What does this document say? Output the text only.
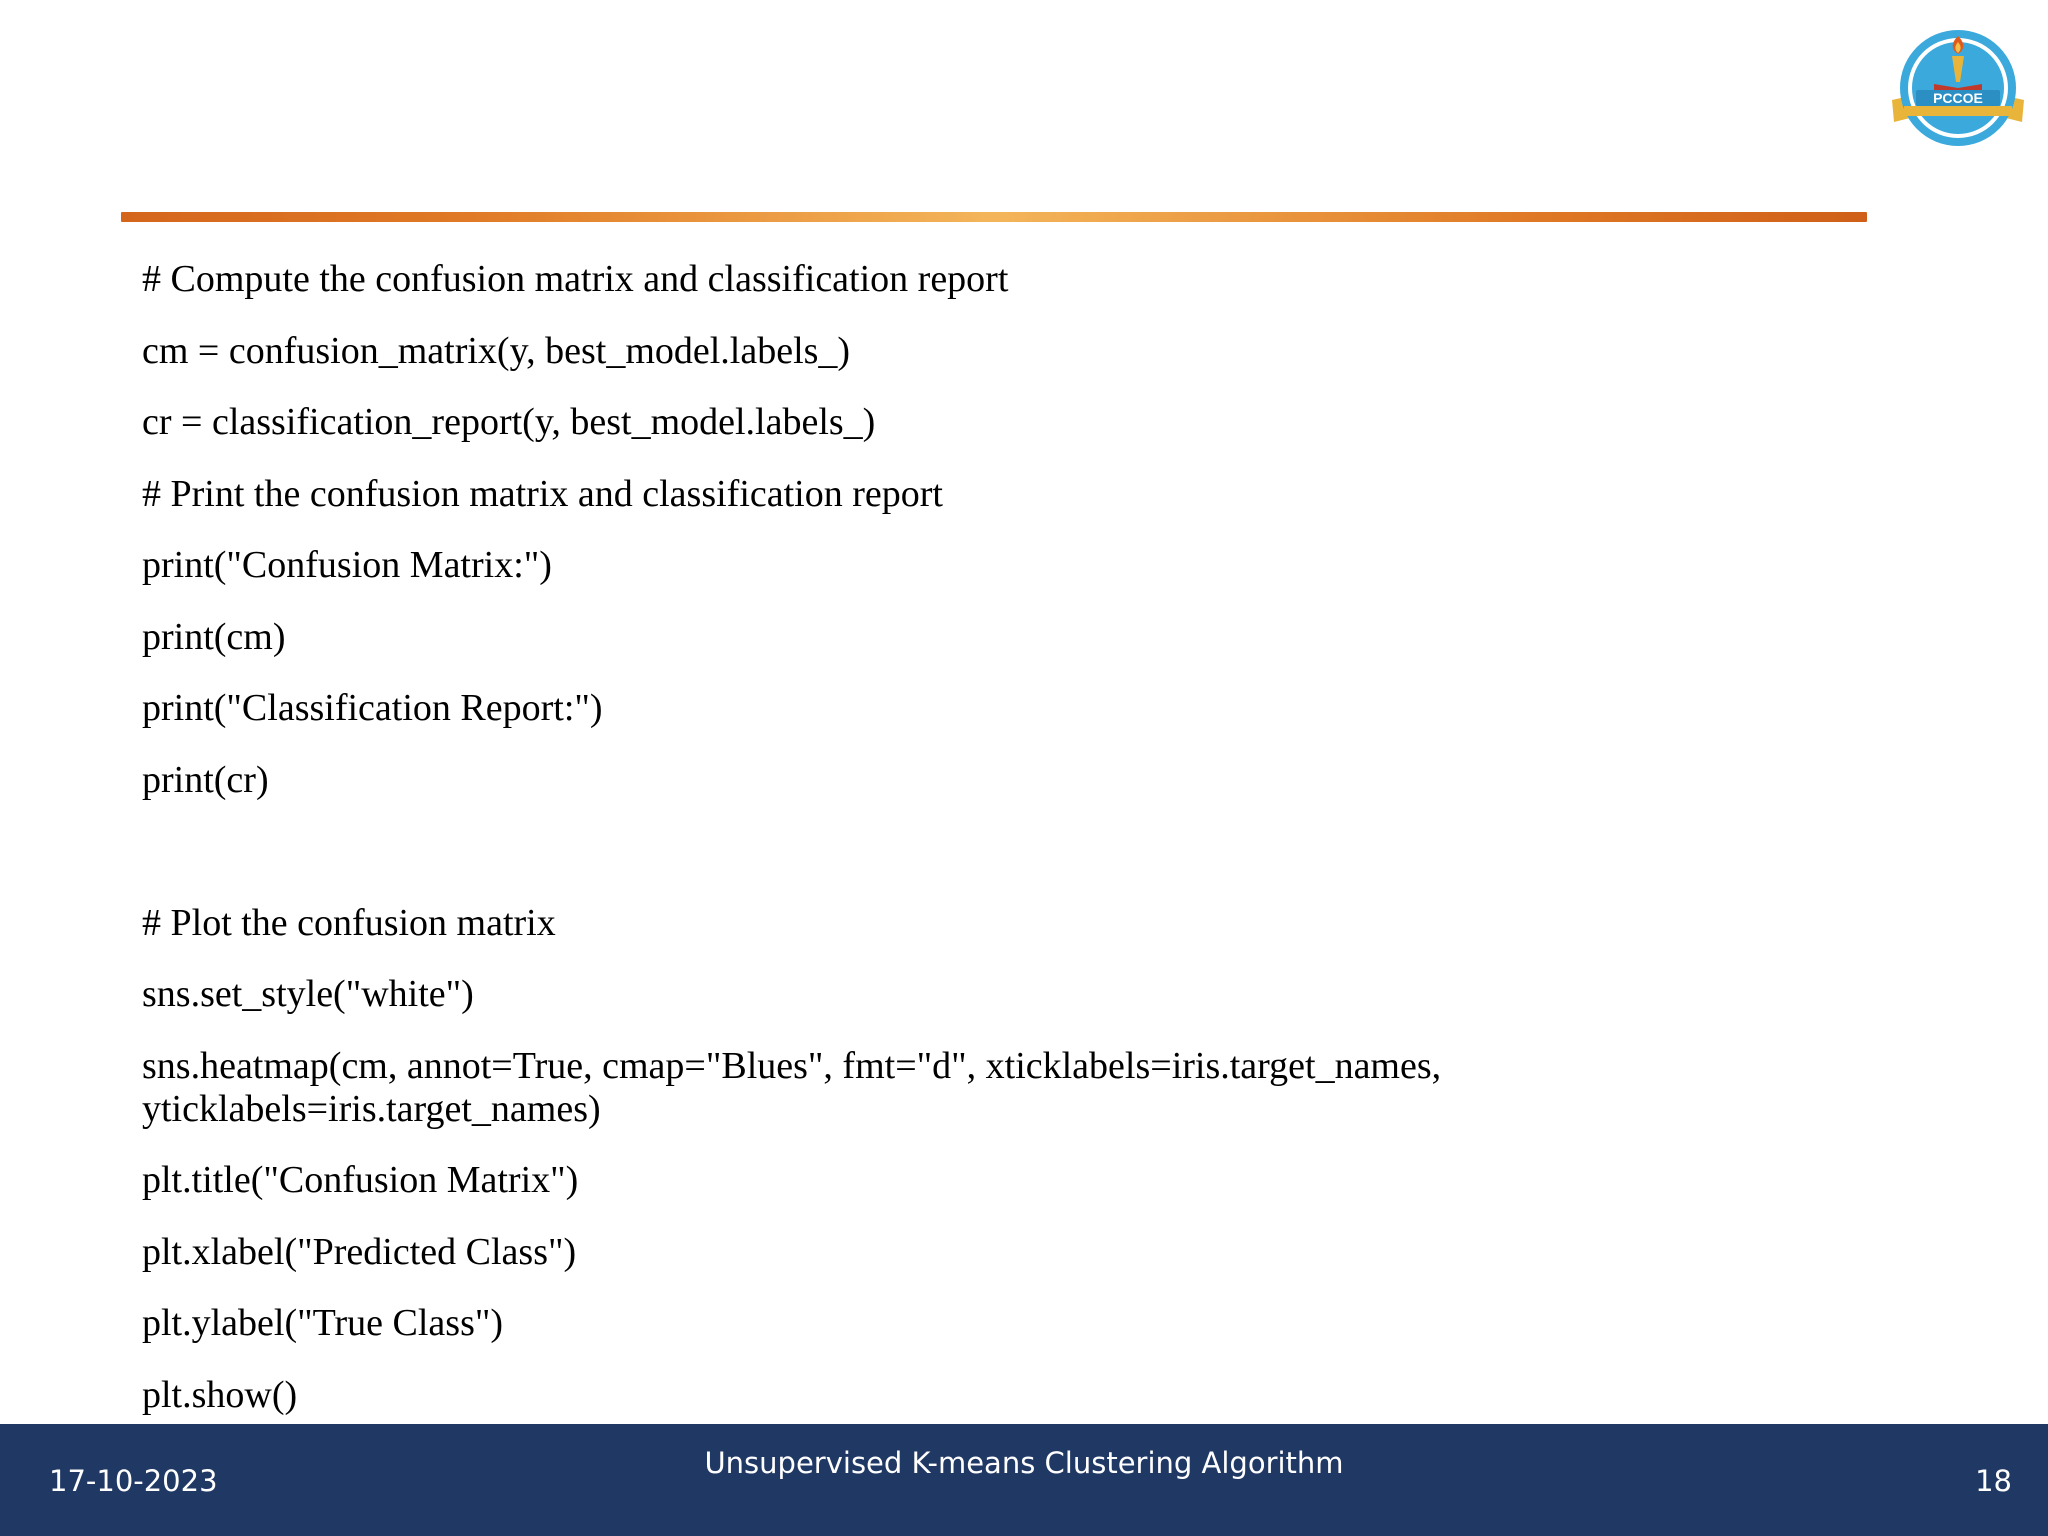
PCCOE
# Compute the confusion matrix and classification report
cm = confusion_matrix(y, best_model.labels_)
cr = classification_report(y, best_model.labels_)
# Print the confusion matrix and classification report
print("Confusion Matrix:")
print(cm)
print("Classification Report:")
print(cr)
# Plot the confusion matrix
sns.set_style("white")
sns.heatmap(cm, annot=True, cmap="Blues", fmt="d", xticklabels=iris.target_names, yticklabels=iris.target_names)
plt.title("Confusion Matrix")
plt.xlabel("Predicted Class")
plt.ylabel("True Class")
plt.show()
17-10-2023
Unsupervised K-means Clustering Algorithm
18
